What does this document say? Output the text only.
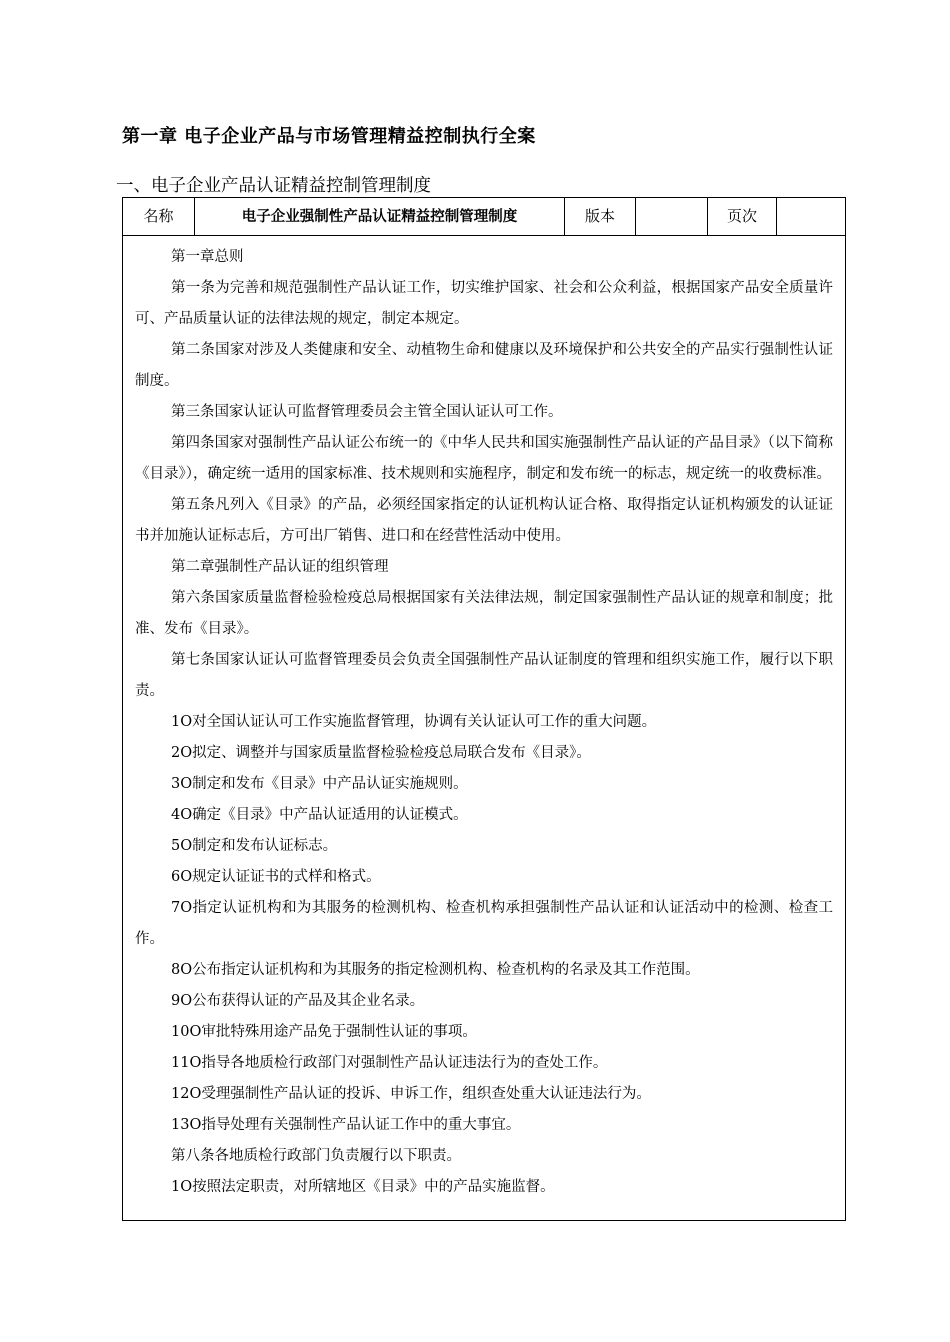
第一章 电子企业产品与市场管理精益控制执行全案
一、电子企业产品认证精益控制管理制度
名称	电子企业强制性产品认证精益控制管理制度	版本	页次

第一章总则

第一条为完善和规范强制性产品认证工作，切实维护国家、社会和公众利益，根据国家产品安全质量许可、产品质量认证的法律法规的规定，制定本规定。

第二条国家对涉及人类健康和安全、动植物生命和健康以及环境保护和公共安全的产品实行强制性认证制度。

第三条国家认证认可监督管理委员会主管全国认证认可工作。

第四条国家对强制性产品认证公布统一的《中华人民共和国实施强制性产品认证的产品目录》（以下简称《目录》），确定统一适用的国家标准、技术规则和实施程序，制定和发布统一的标志，规定统一的收费标准。

第五条凡列入《目录》的产品，必须经国家指定的认证机构认证合格、取得指定认证机构颁发的认证证书并加施认证标志后，方可出厂销售、进口和在经营性活动中使用。

第二章强制性产品认证的组织管理

第六条国家质量监督检验检疫总局根据国家有关法律法规，制定国家强制性产品认证的规章和制度；批准、发布《目录》。

第七条国家认证认可监督管理委员会负责全国强制性产品认证制度的管理和组织实施工作，履行以下职责。

1О对全国认证认可工作实施监督管理，协调有关认证认可工作的重大问题。

2О拟定、调整并与国家质量监督检验检疫总局联合发布《目录》。

3О制定和发布《目录》中产品认证实施规则。

4О确定《目录》中产品认证适用的认证模式。

5О制定和发布认证标志。

6О规定认证证书的式样和格式。

7О指定认证机构和为其服务的检测机构、检查机构承担强制性产品认证和认证活动中的检测、检查工作。

8О公布指定认证机构和为其服务的指定检测机构、检查机构的名录及其工作范围。

9О公布获得认证的产品及其企业名录。

10О审批特殊用途产品免于强制性认证的事项。

11О指导各地质检行政部门对强制性产品认证违法行为的查处工作。

12О受理强制性产品认证的投诉、申诉工作，组织查处重大认证违法行为。

13О指导处理有关强制性产品认证工作中的重大事宜。

第八条各地质检行政部门负责履行以下职责。

1О按照法定职责，对所辖地区《目录》中的产品实施监督。
